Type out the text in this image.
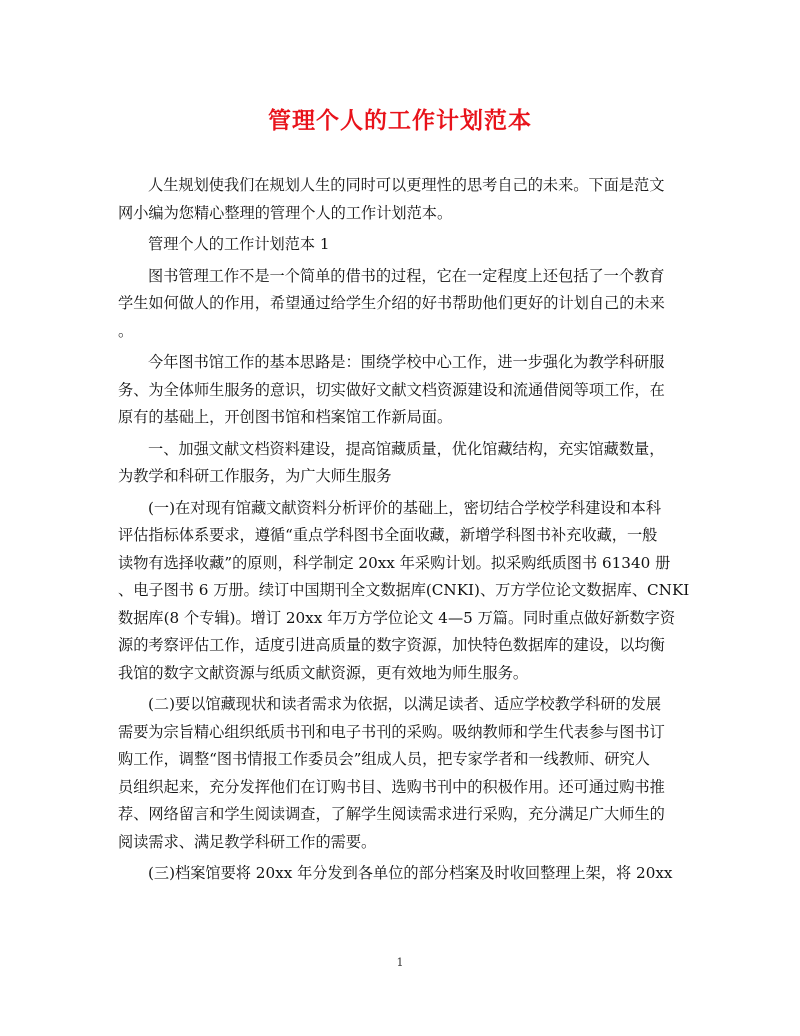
管理个人的工作计划范本
人生规划使我们在规划人生的同时可以更理性的思考自己的未来。下面是范文
网小编为您精心整理的管理个人的工作计划范本。
管理个人的工作计划范本 1
图书管理工作不是一个简单的借书的过程，它在一定程度上还包括了一个教育
学生如何做人的作用，希望通过给学生介绍的好书帮助他们更好的计划自己的未来
。
今年图书馆工作的基本思路是：围绕学校中心工作，进一步强化为教学科研服
务、为全体师生服务的意识，切实做好文献文档资源建设和流通借阅等项工作，在
原有的基础上，开创图书馆和档案馆工作新局面。
一、加强文献文档资料建设，提高馆藏质量，优化馆藏结构，充实馆藏数量，
为教学和科研工作服务，为广大师生服务
(一)在对现有馆藏文献资料分析评价的基础上，密切结合学校学科建设和本科
评估指标体系要求，遵循“重点学科图书全面收藏，新增学科图书补充收藏，一般
读物有选择收藏”的原则，科学制定 20xx 年采购计划。拟采购纸质图书 61340 册
、电子图书 6 万册。续订中国期刊全文数据库(CNKI)、万方学位论文数据库、CNKI
数据库(8 个专辑)。增订 20xx 年万方学位论文 4—5 万篇。同时重点做好新数字资
源的考察评估工作，适度引进高质量的数字资源，加快特色数据库的建设，以均衡
我馆的数字文献资源与纸质文献资源，更有效地为师生服务。
(二)要以馆藏现状和读者需求为依据，以满足读者、适应学校教学科研的发展
需要为宗旨精心组织纸质书刊和电子书刊的采购。吸纳教师和学生代表参与图书订
购工作，调整“图书情报工作委员会”组成人员，把专家学者和一线教师、研究人
员组织起来，充分发挥他们在订购书目、选购书刊中的积极作用。还可通过购书推
荐、网络留言和学生阅读调查，了解学生阅读需求进行采购，充分满足广大师生的
阅读需求、满足教学科研工作的需要。
(三)档案馆要将 20xx 年分发到各单位的部分档案及时收回整理上架，将 20xx
1
